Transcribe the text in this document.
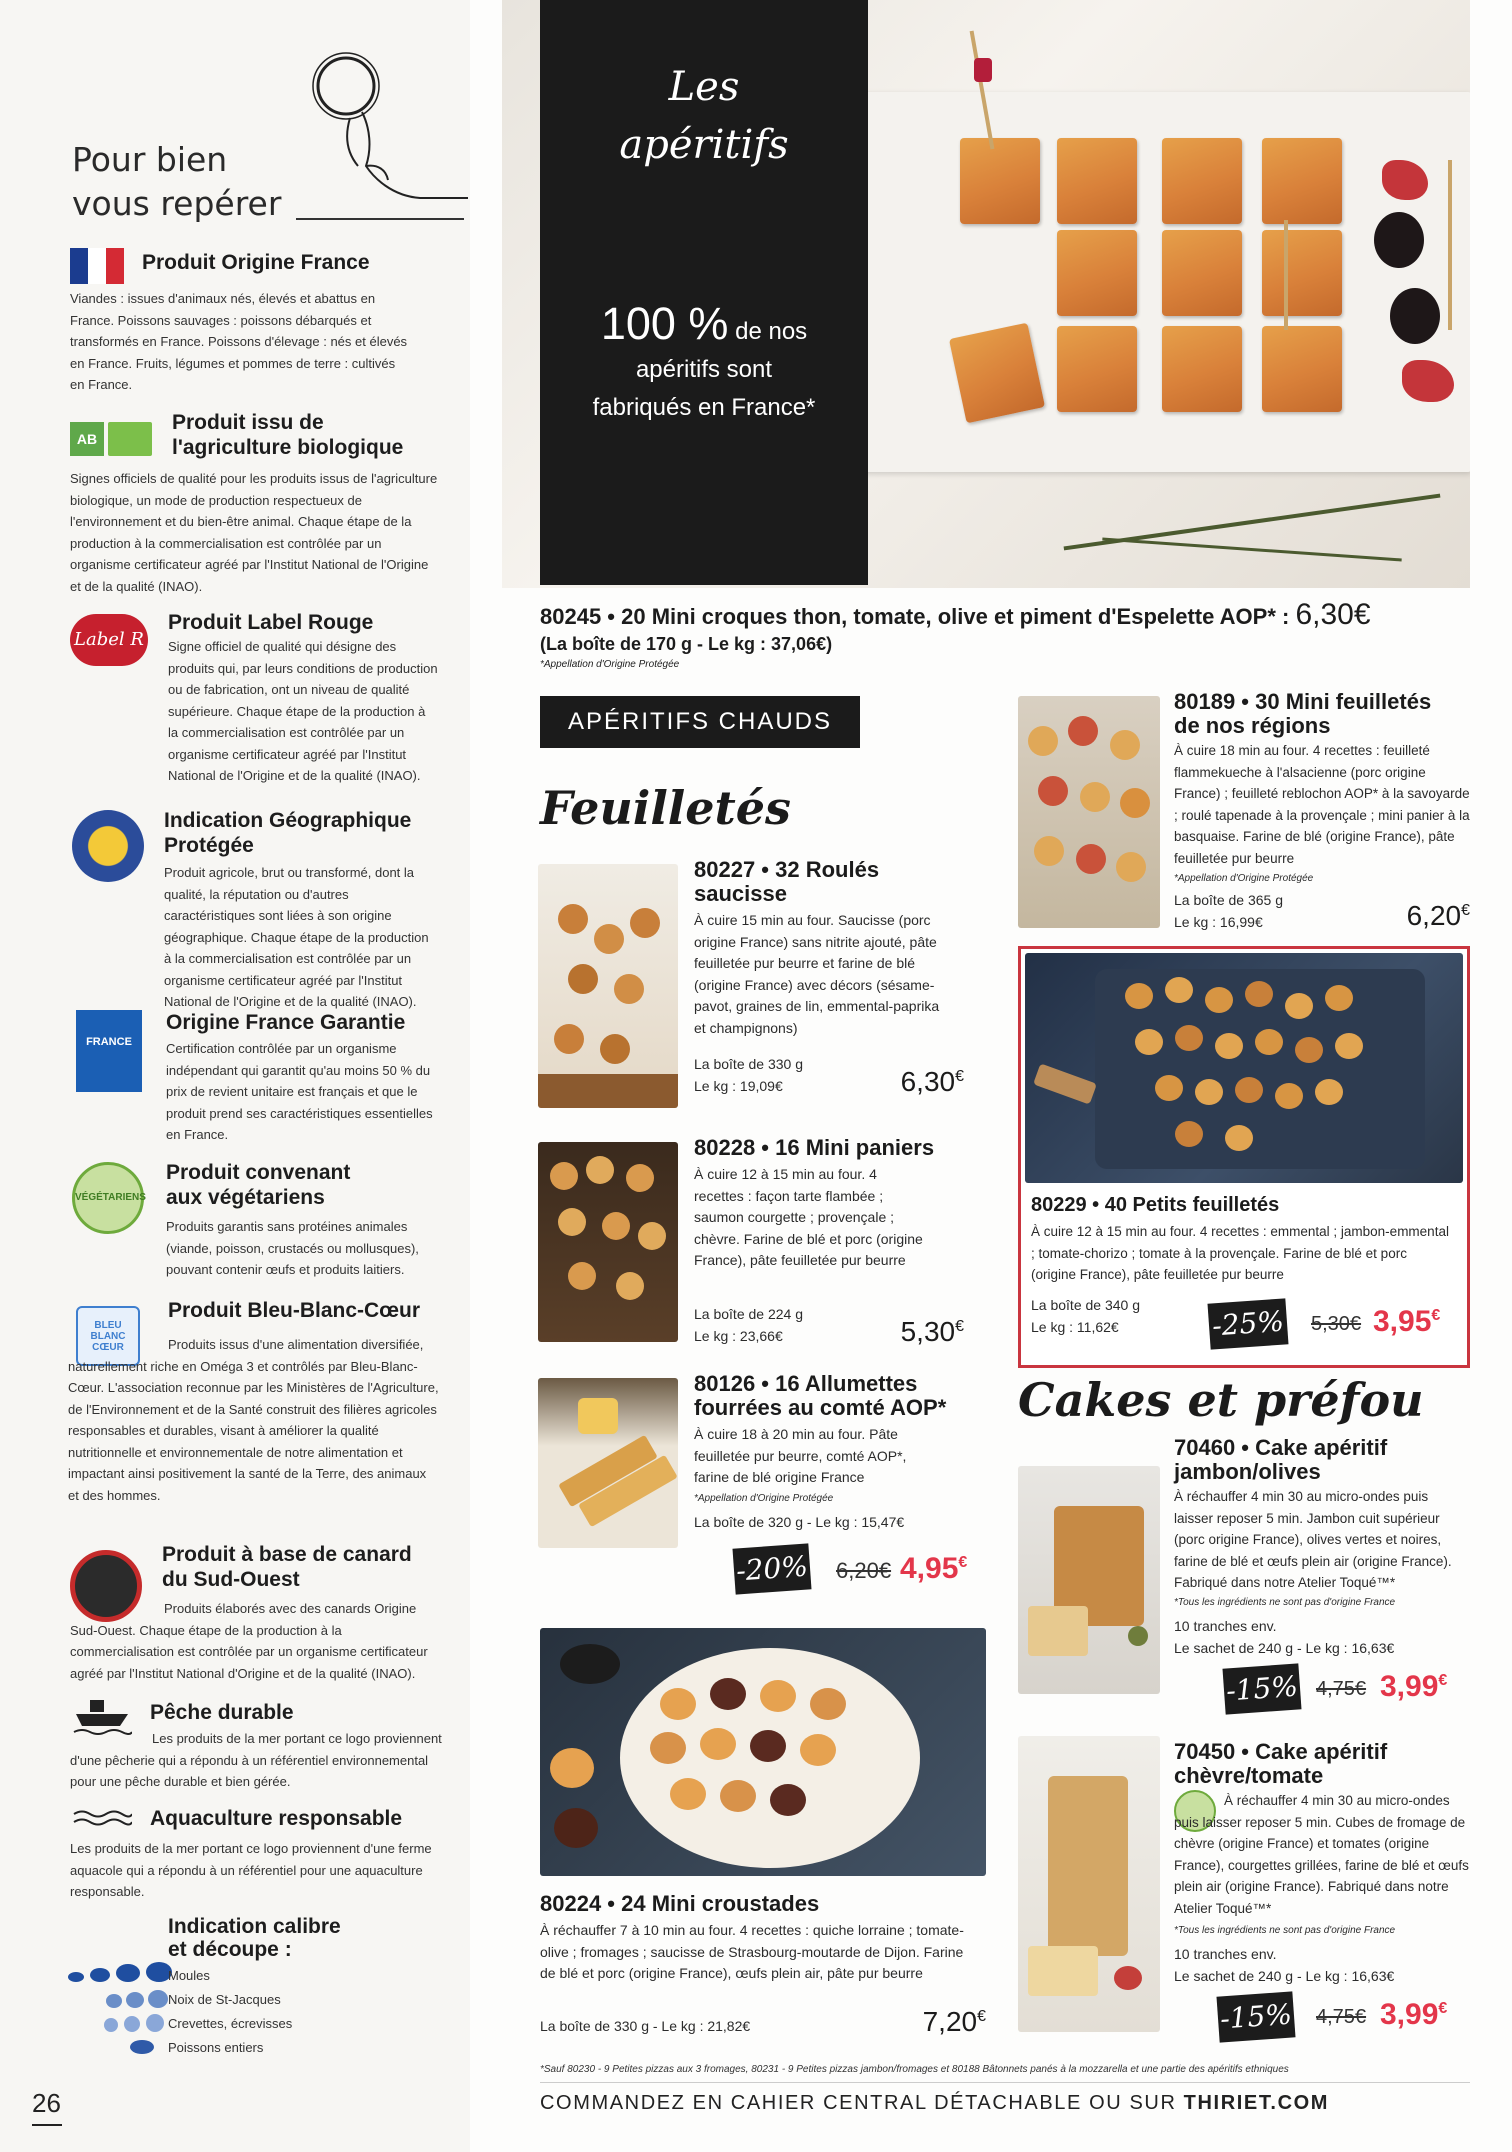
Pour bien
vous repérer
Produit Origine France

Viandes : issues d'animaux nés, élevés et abattus en France. Poissons sauvages : poissons débarqués et transformés en France. Poissons d'élevage : nés et élevés en France. Fruits, légumes et pommes de terre : cultivés en France.

AB
Produit issu de
l'agriculture biologique

Signes officiels de qualité pour les produits issus de l'agriculture biologique, un mode de production respectueux de l'environnement et du bien-être animal. Chaque étape de la production à la commercialisation est contrôlée par un organisme certificateur agréé par l'Institut National de l'Origine et de la qualité (INAO).

Label R
Produit Label Rouge

Signe officiel de qualité qui désigne des produits qui, par leurs conditions de production ou de fabrication, ont un niveau de qualité supérieure. Chaque étape de la production à la commercialisation est contrôlée par un organisme certificateur agréé par l'Institut National de l'Origine et de la qualité (INAO).

Indication Géographique
Protégée

Produit agricole, brut ou transformé, dont la qualité, la réputation ou d'autres caractéristiques sont liées à son origine géographique. Chaque étape de la production à la commercialisation est contrôlée par un organisme certificateur agréé par l'Institut National de l'Origine et de la qualité (INAO).

FRANCE
Origine France Garantie

Certification contrôlée par un organisme indépendant qui garantit qu'au moins 50 % du prix de revient unitaire est français et que le produit prend ses caractéristiques essentielles en France.

VÉGÉTARIENS
Produit convenant
aux végétariens

Produits garantis sans protéines animales (viande, poisson, crustacés ou mollusques), pouvant contenir œufs et produits laitiers.

BLEU BLANC CŒUR
Produit Bleu-Blanc-Cœur

Produits issus d'une alimentation diversifiée, naturellement riche en Oméga 3 et contrôlés par Bleu-Blanc-Cœur. L'association reconnue par les Ministères de l'Agriculture, de l'Environnement et de la Santé construit des filières agricoles responsables et durables, visant à améliorer la qualité nutritionnelle et environnementale de notre alimentation et impactant ainsi positivement la santé de la Terre, des animaux et des hommes.

Produit à base de canard
du Sud-Ouest

Produits élaborés avec des canards Origine Sud-Ouest. Chaque étape de la production à la commercialisation est contrôlée par un organisme certificateur agréé par l'Institut National d'Origine et de la qualité (INAO).

Pêche durable

Les produits de la mer portant ce logo proviennent d'une pêcherie qui a répondu à un référentiel environnemental pour une pêche durable et bien gérée.

Aquaculture responsable

Les produits de la mer portant ce logo proviennent d'une ferme aquacole qui a répondu à un référentiel pour une aquaculture responsable.

Indication calibre
et découpe :
Moules
Noix de St-Jacques
Crevettes, écrevisses
Poissons entiers
26
Les apéritifs
100 % de nos
apéritifs sont
fabriqués en France*
80245 • 20 Mini croques thon, tomate, olive et piment d'Espelette AOP* : 6,30€
(La boîte de 170 g - Le kg : 37,06€)
*Appellation d'Origine Protégée
APÉRITIFS CHAUDS
Feuilletés
80227 • 32 Roulés
saucisse
À cuire 15 min au four. Saucisse (porc origine France) sans nitrite ajouté, pâte feuilletée pur beurre et farine de blé (origine France) avec décors (sésame-pavot, graines de lin, emmental-paprika et champignons)
La boîte de 330 g
Le kg : 19,09€	6,30€
80228 • 16 Mini paniers
À cuire 12 à 15 min au four. 4 recettes : façon tarte flambée ; saumon courgette ; provençale ; chèvre. Farine de blé et porc (origine France), pâte feuilletée pur beurre
La boîte de 224 g
Le kg : 23,66€	5,30€
80126 • 16 Allumettes
fourrées au comté AOP*
À cuire 18 à 20 min au four. Pâte feuilletée pur beurre, comté AOP*, farine de blé origine France
*Appellation d'Origine Protégée
La boîte de 320 g - Le kg : 15,47€
-20% 6,20€ 4,95€
80224 • 24 Mini croustades
À réchauffer 7 à 10 min au four. 4 recettes : quiche lorraine ; tomate-olive ; fromages ; saucisse de Strasbourg-moutarde de Dijon. Farine de blé et porc (origine France), œufs plein air, pâte pur beurre
La boîte de 330 g - Le kg : 21,82€	7,20€
80189 • 30 Mini feuilletés
de nos régions
À cuire 18 min au four. 4 recettes : feuilleté flammekueche à l'alsacienne (porc origine France) ; feuilleté reblochon AOP* à la savoyarde ; roulé tapenade à la provençale ; mini panier à la basquaise. Farine de blé (origine France), pâte feuilletée pur beurre
*Appellation d'Origine Protégée
La boîte de 365 g
Le kg : 16,99€	6,20€
80229 • 40 Petits feuilletés
À cuire 12 à 15 min au four. 4 recettes : emmental ; jambon-emmental ; tomate-chorizo ; tomate à la provençale. Farine de blé et porc (origine France), pâte feuilletée pur beurre
La boîte de 340 g
Le kg : 11,62€	-25% 5,30€ 3,95€
Cakes et préfou
70460 • Cake apéritif
jambon/olives
À réchauffer 4 min 30 au micro-ondes puis laisser reposer 5 min. Jambon cuit supérieur (porc origine France), olives vertes et noires, farine de blé et œufs plein air (origine France). Fabriqué dans notre Atelier Toqué™*
*Tous les ingrédients ne sont pas d'origine France
10 tranches env.
Le sachet de 240 g - Le kg : 16,63€
-15% 4,75€ 3,99€
70450 • Cake apéritif
chèvre/tomate
À réchauffer 4 min 30 au micro-ondes puis laisser reposer 5 min. Cubes de fromage de chèvre (origine France) et tomates (origine France), courgettes grillées, farine de blé et œufs plein air (origine France). Fabriqué dans notre Atelier Toqué™*
*Tous les ingrédients ne sont pas d'origine France
10 tranches env.
Le sachet de 240 g - Le kg : 16,63€
-15% 4,75€ 3,99€
*Sauf 80230 - 9 Petites pizzas aux 3 fromages, 80231 - 9 Petites pizzas jambon/fromages et 80188 Bâtonnets panés à la mozzarella et une partie des apéritifs ethniques
COMMANDEZ EN CAHIER CENTRAL DÉTACHABLE OU SUR THIRIET.COM
